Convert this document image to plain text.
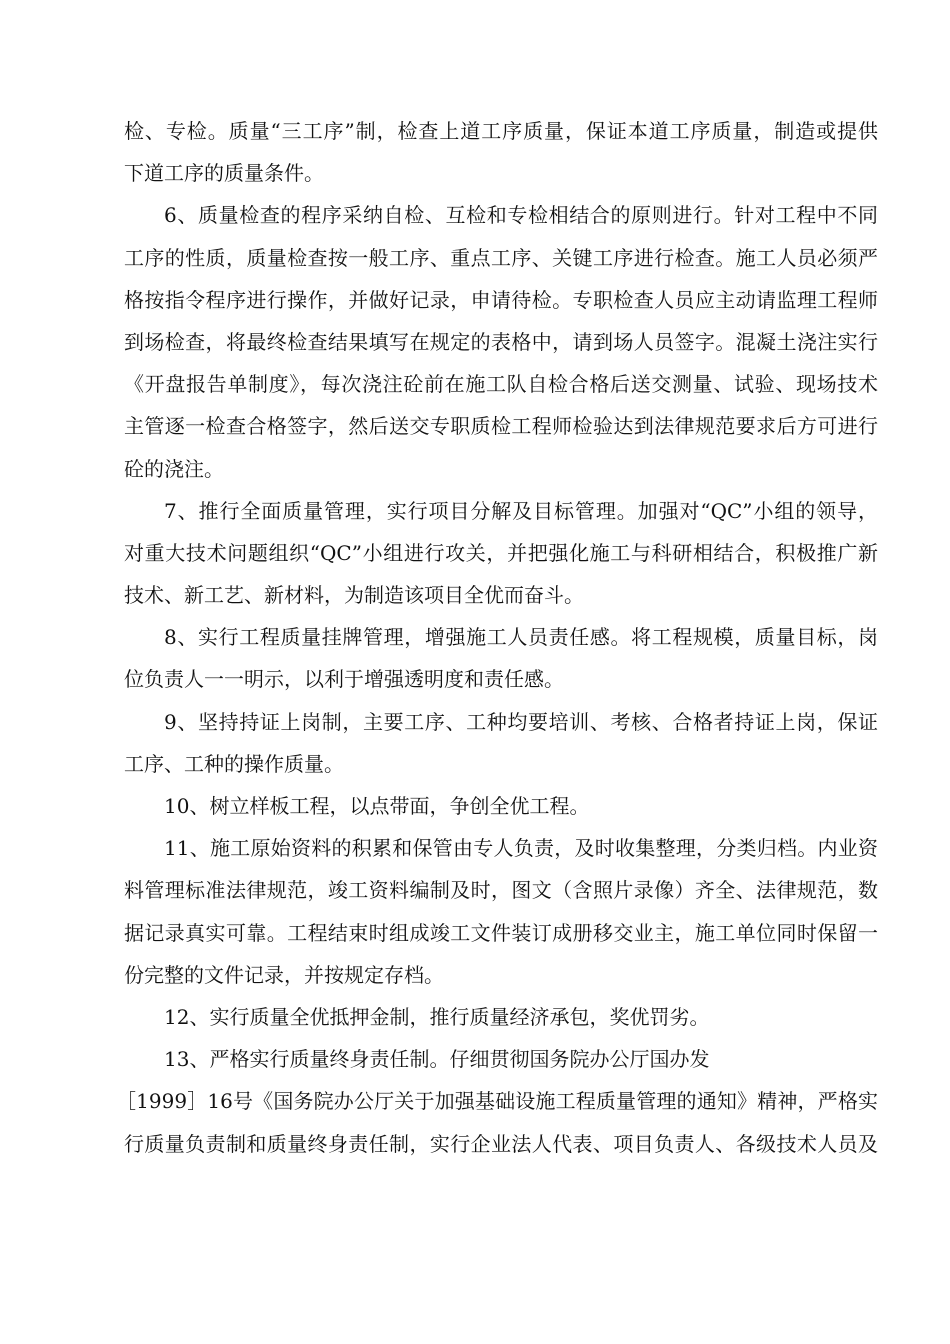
检、专检。质量“三工序”制，检查上道工序质量，保证本道工序质量，制造或提供
下道工序的质量条件。
6、质量检查的程序采纳自检、互检和专检相结合的原则进行。针对工程中不同
工序的性质，质量检查按一般工序、重点工序、关键工序进行检查。施工人员必须严
格按指令程序进行操作，并做好记录，申请待检。专职检查人员应主动请监理工程师
到场检查，将最终检查结果填写在规定的表格中，请到场人员签字。混凝土浇注实行
《开盘报告单制度》，每次浇注砼前在施工队自检合格后送交测量、试验、现场技术
主管逐一检查合格签字，然后送交专职质检工程师检验达到法律规范要求后方可进行
砼的浇注。
7、推行全面质量管理，实行项目分解及目标管理。加强对“QC”小组的领导，
对重大技术问题组织“QC”小组进行攻关，并把强化施工与科研相结合，积极推广新
技术、新工艺、新材料，为制造该项目全优而奋斗。
8、实行工程质量挂牌管理，增强施工人员责任感。将工程规模，质量目标，岗
位负责人一一明示，以利于增强透明度和责任感。
9、坚持持证上岗制，主要工序、工种均要培训、考核、合格者持证上岗，保证
工序、工种的操作质量。
10、树立样板工程，以点带面，争创全优工程。
11、施工原始资料的积累和保管由专人负责，及时收集整理，分类归档。内业资
料管理标准法律规范，竣工资料编制及时，图文（含照片录像）齐全、法律规范，数
据记录真实可靠。工程结束时组成竣工文件装订成册移交业主，施工单位同时保留一
份完整的文件记录，并按规定存档。
12、实行质量全优抵押金制，推行质量经济承包，奖优罚劣。
13、严格实行质量终身责任制。仔细贯彻国务院办公厅国办发
［1999］16号《国务院办公厅关于加强基础设施工程质量管理的通知》精神，严格实
行质量负责制和质量终身责任制，实行企业法人代表、项目负责人、各级技术人员及
